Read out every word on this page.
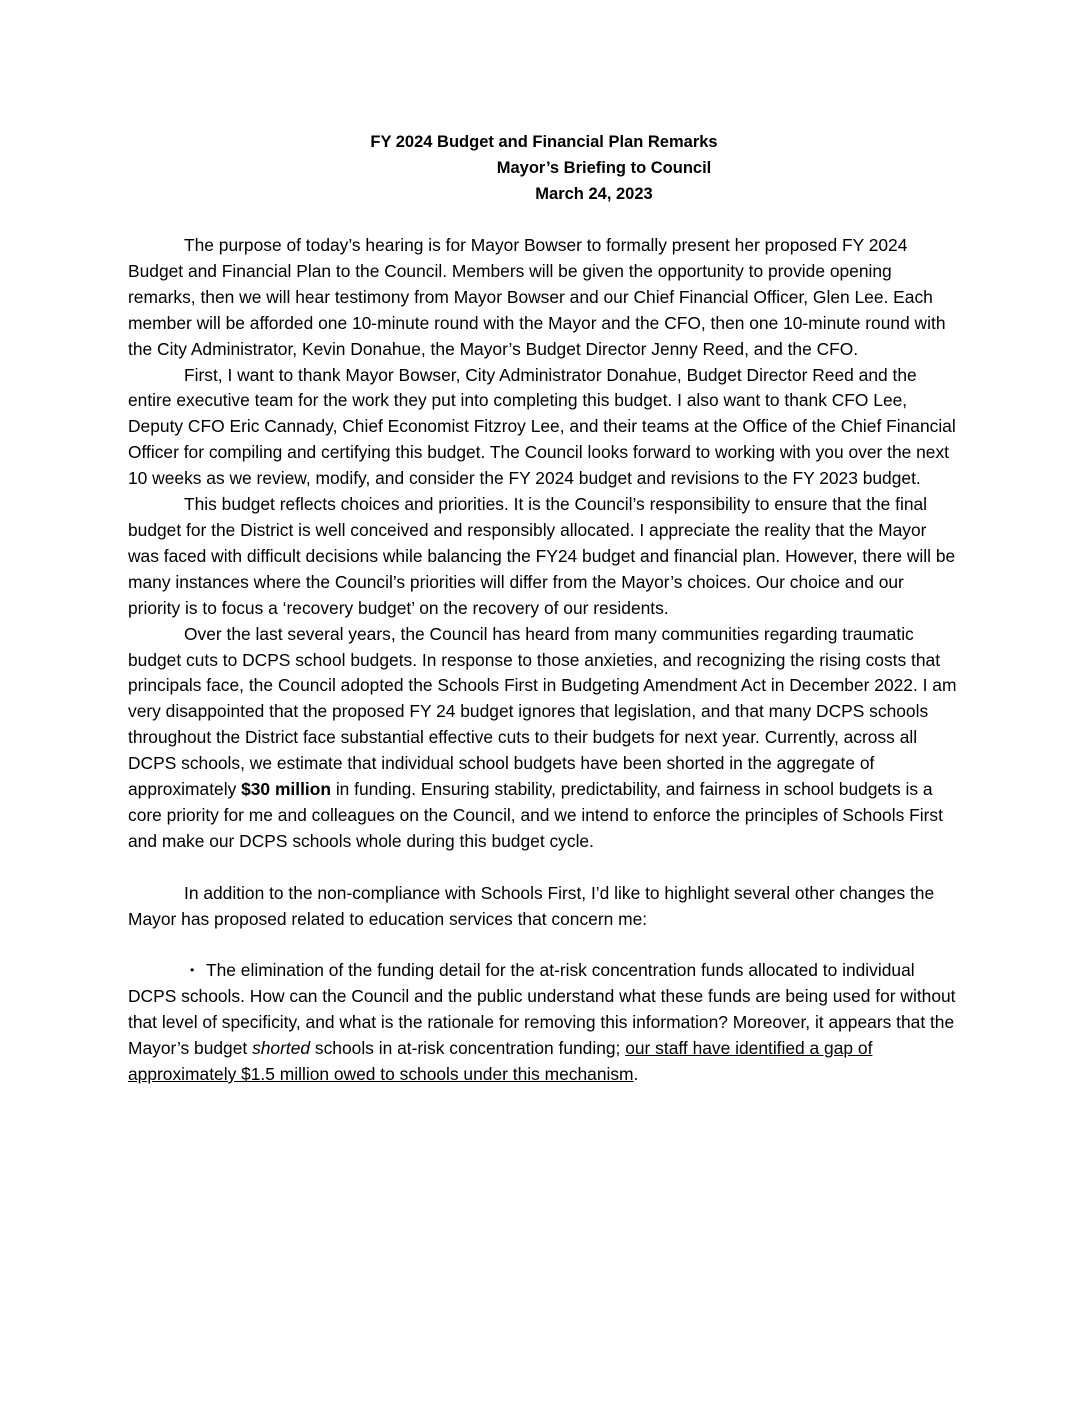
FY 2024 Budget and Financial Plan Remarks
Mayor’s Briefing to Council
March 24, 2023

The purpose of today’s hearing is for Mayor Bowser to formally present her proposed FY 2024 Budget and Financial Plan to the Council. Members will be given the opportunity to provide opening remarks, then we will hear testimony from Mayor Bowser and our Chief Financial Officer, Glen Lee. Each member will be afforded one 10-minute round with the Mayor and the CFO, then one 10-minute round with the City Administrator, Kevin Donahue, the Mayor’s Budget Director Jenny Reed, and the CFO.

First, I want to thank Mayor Bowser, City Administrator Donahue, Budget Director Reed and the entire executive team for the work they put into completing this budget. I also want to thank CFO Lee, Deputy CFO Eric Cannady, Chief Economist Fitzroy Lee, and their teams at the Office of the Chief Financial Officer for compiling and certifying this budget. The Council looks forward to working with you over the next 10 weeks as we review, modify, and consider the FY 2024 budget and revisions to the FY 2023 budget.

This budget reflects choices and priorities. It is the Council’s responsibility to ensure that the final budget for the District is well conceived and responsibly allocated. I appreciate the reality that the Mayor was faced with difficult decisions while balancing the FY24 budget and financial plan. However, there will be many instances where the Council’s priorities will differ from the Mayor’s choices. Our choice and our priority is to focus a ‘recovery budget’ on the recovery of our residents.

Over the last several years, the Council has heard from many communities regarding traumatic budget cuts to DCPS school budgets. In response to those anxieties, and recognizing the rising costs that principals face, the Council adopted the Schools First in Budgeting Amendment Act in December 2022. I am very disappointed that the proposed FY 24 budget ignores that legislation, and that many DCPS schools throughout the District face substantial effective cuts to their budgets for next year. Currently, across all DCPS schools, we estimate that individual school budgets have been shorted in the aggregate of approximately $30 million in funding. Ensuring stability, predictability, and fairness in school budgets is a core priority for me and colleagues on the Council, and we intend to enforce the principles of Schools First and make our DCPS schools whole during this budget cycle.

In addition to the non-compliance with Schools First, I’d like to highlight several other changes the Mayor has proposed related to education services that concern me:

• The elimination of the funding detail for the at-risk concentration funds allocated to individual DCPS schools. How can the Council and the public understand what these funds are being used for without that level of specificity, and what is the rationale for removing this information? Moreover, it appears that the Mayor’s budget shorted schools in at-risk concentration funding; our staff have identified a gap of approximately $1.5 million owed to schools under this mechanism.
